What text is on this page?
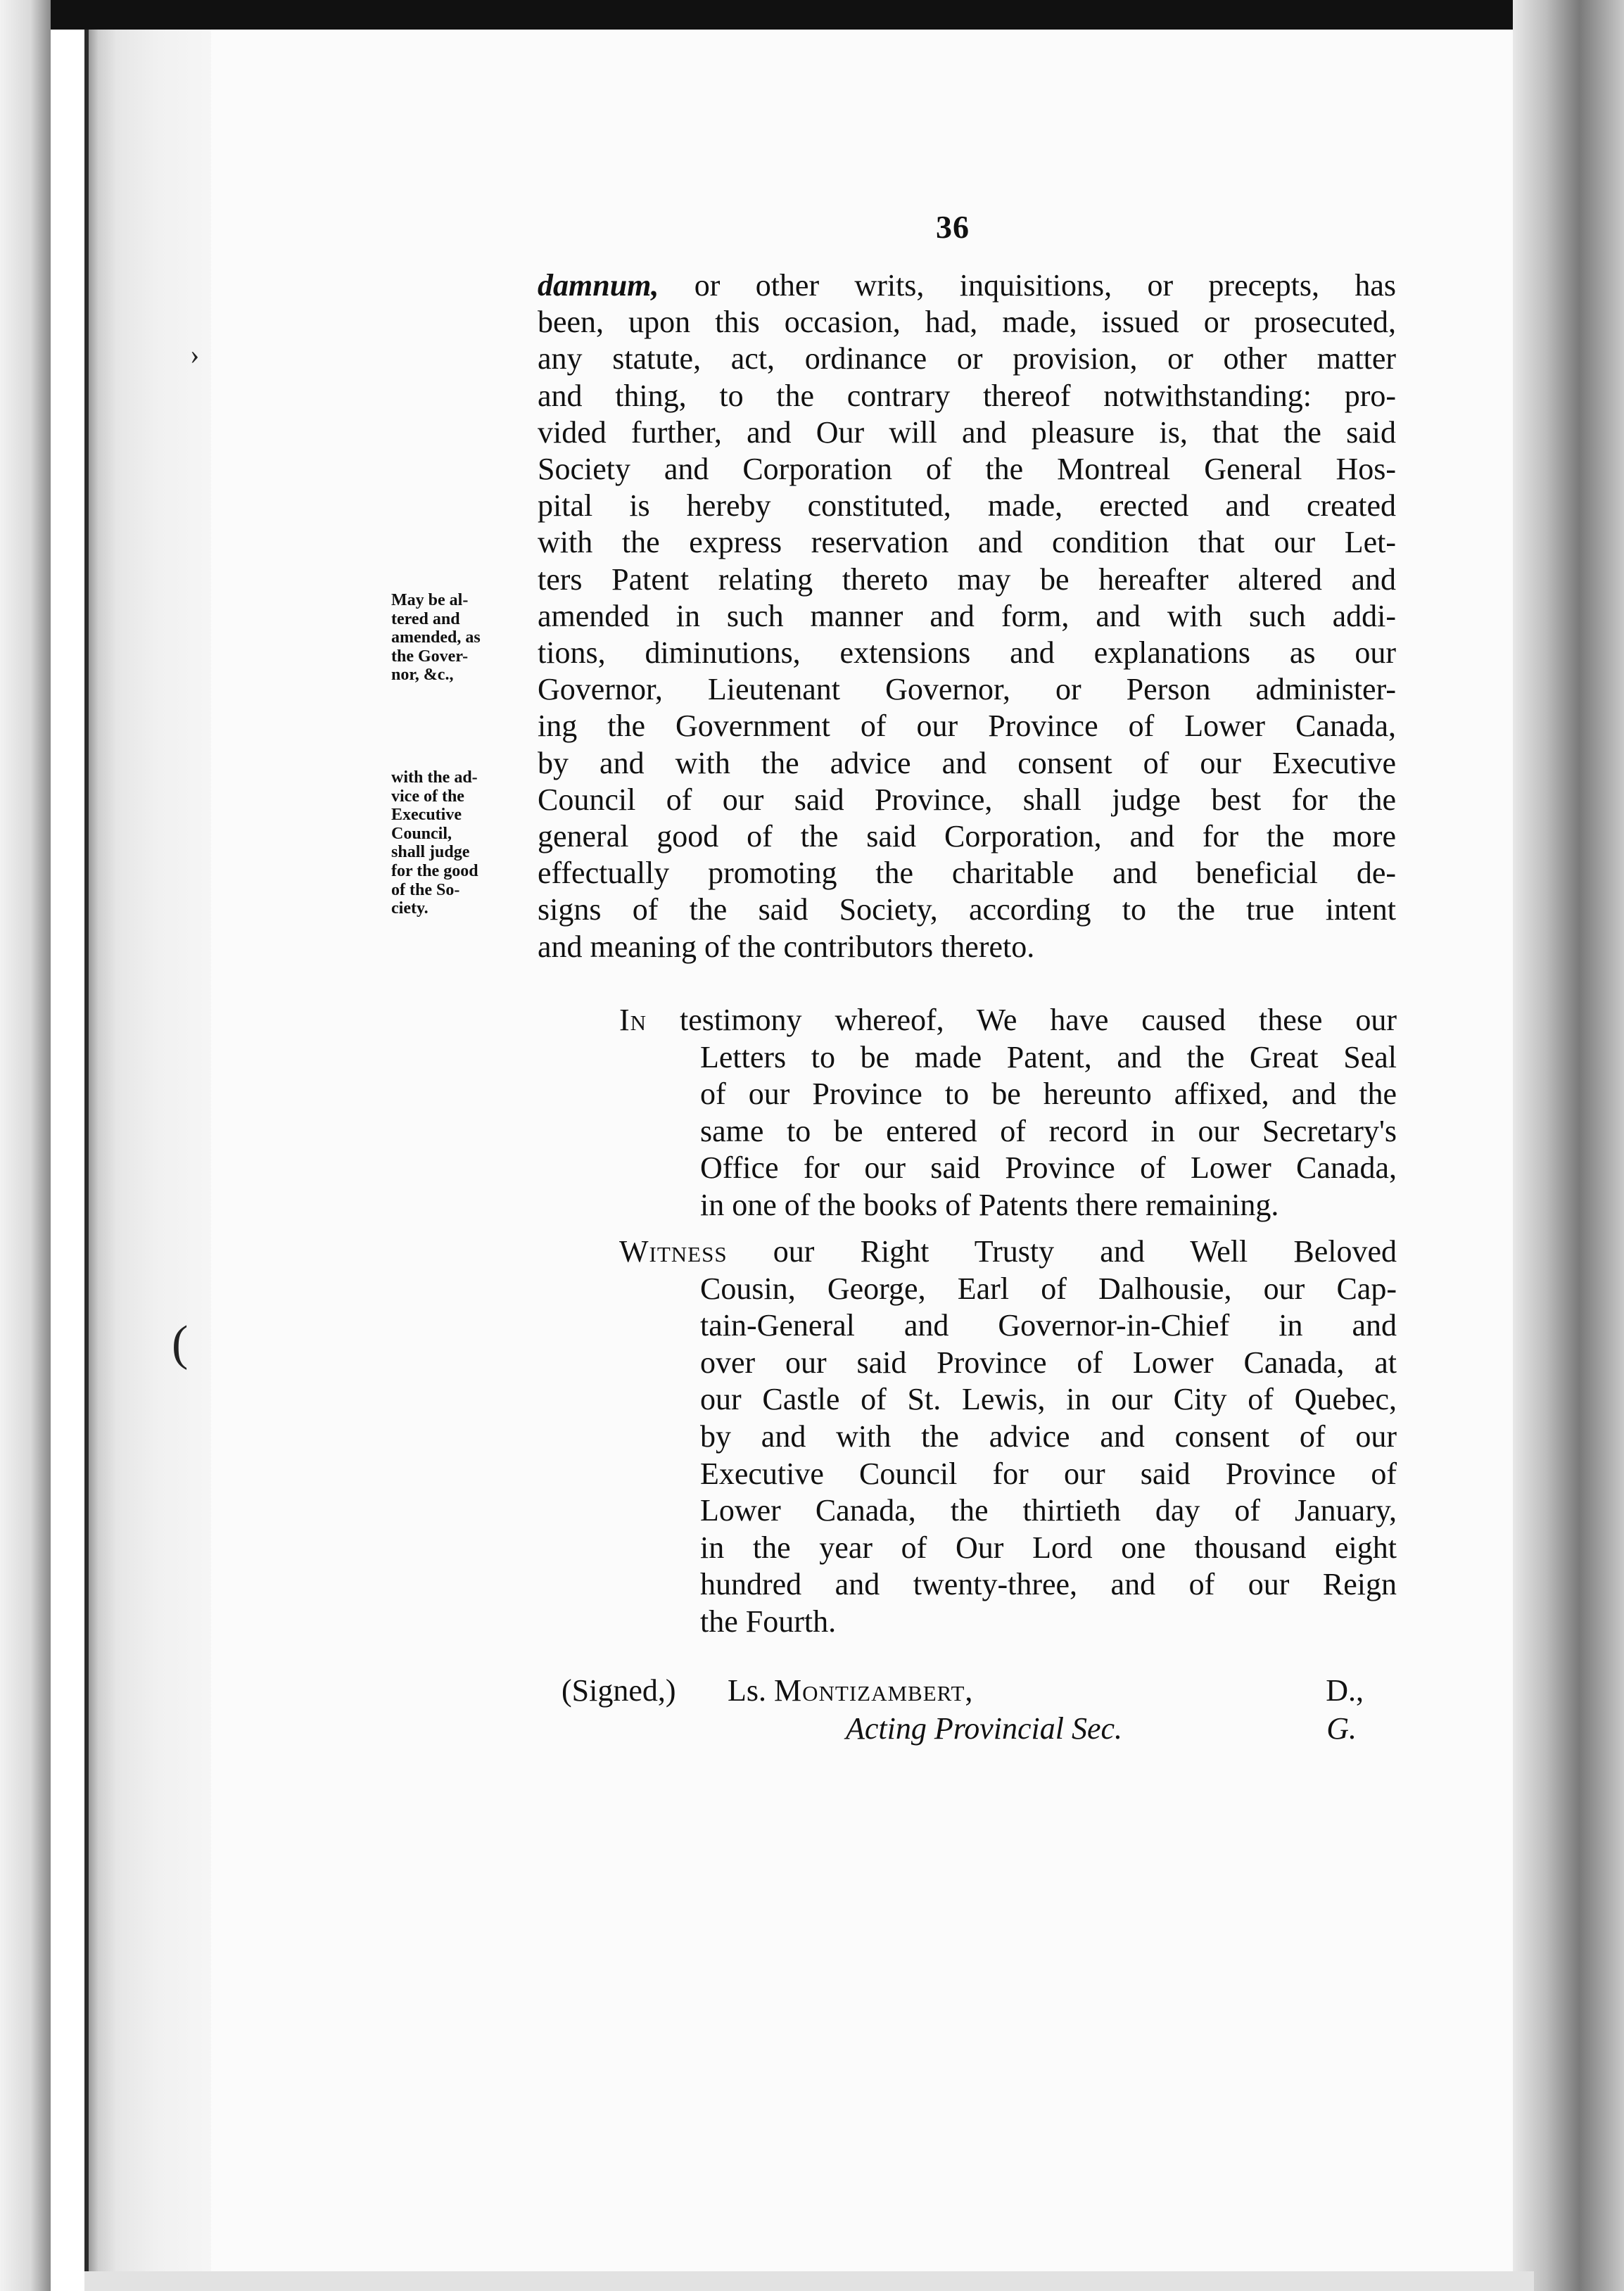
›
(
36
damnum, or other writs, inquisitions, or precepts, has
been, upon this occasion, had, made, issued or prosecuted,
any statute, act, ordinance or provision, or other matter
and thing, to the contrary thereof notwithstanding: pro-
vided further, and Our will and pleasure is, that the said
Society and Corporation of the Montreal General Hos-
pital is hereby constituted, made, erected and created
with the express reservation and condition that our Let-
ters Patent relating thereto may be hereafter altered and
amended in such manner and form, and with such addi-
tions, diminutions, extensions and explanations as our
Governor, Lieutenant Governor, or Person administer-
ing the Government of our Province of Lower Canada,
by and with the advice and consent of our Executive
Council of our said Province, shall judge best for the
general good of the said Corporation, and for the more
effectually promoting the charitable and beneficial de-
signs of the said Society, according to the true intent
and meaning of the contributors thereto.
May be al-
tered and
amended, as
the Gover-
nor, &c.,
with the ad-
vice of the
Executive
Council,
shall judge
for the good
of the So-
ciety.
In testimony whereof, We have caused these our
Letters to be made Patent, and the Great Seal
of our Province to be hereunto affixed, and the
same to be entered of record in our Secretary's
Office for our said Province of Lower Canada,
in one of the books of Patents there remaining.
Witness our Right Trusty and Well Beloved
Cousin, George, Earl of Dalhousie, our Cap-
tain-General and Governor-in-Chief in and
over our said Province of Lower Canada, at
our Castle of St. Lewis, in our City of Quebec,
by and with the advice and consent of our
Executive Council for our said Province of
Lower Canada, the thirtieth day of January,
in the year of Our Lord one thousand eight
hundred and twenty-three, and of our Reign
the Fourth.
(Signed,) Ls. Montizambert,	D.,
Acting Provincial Sec.	G.
